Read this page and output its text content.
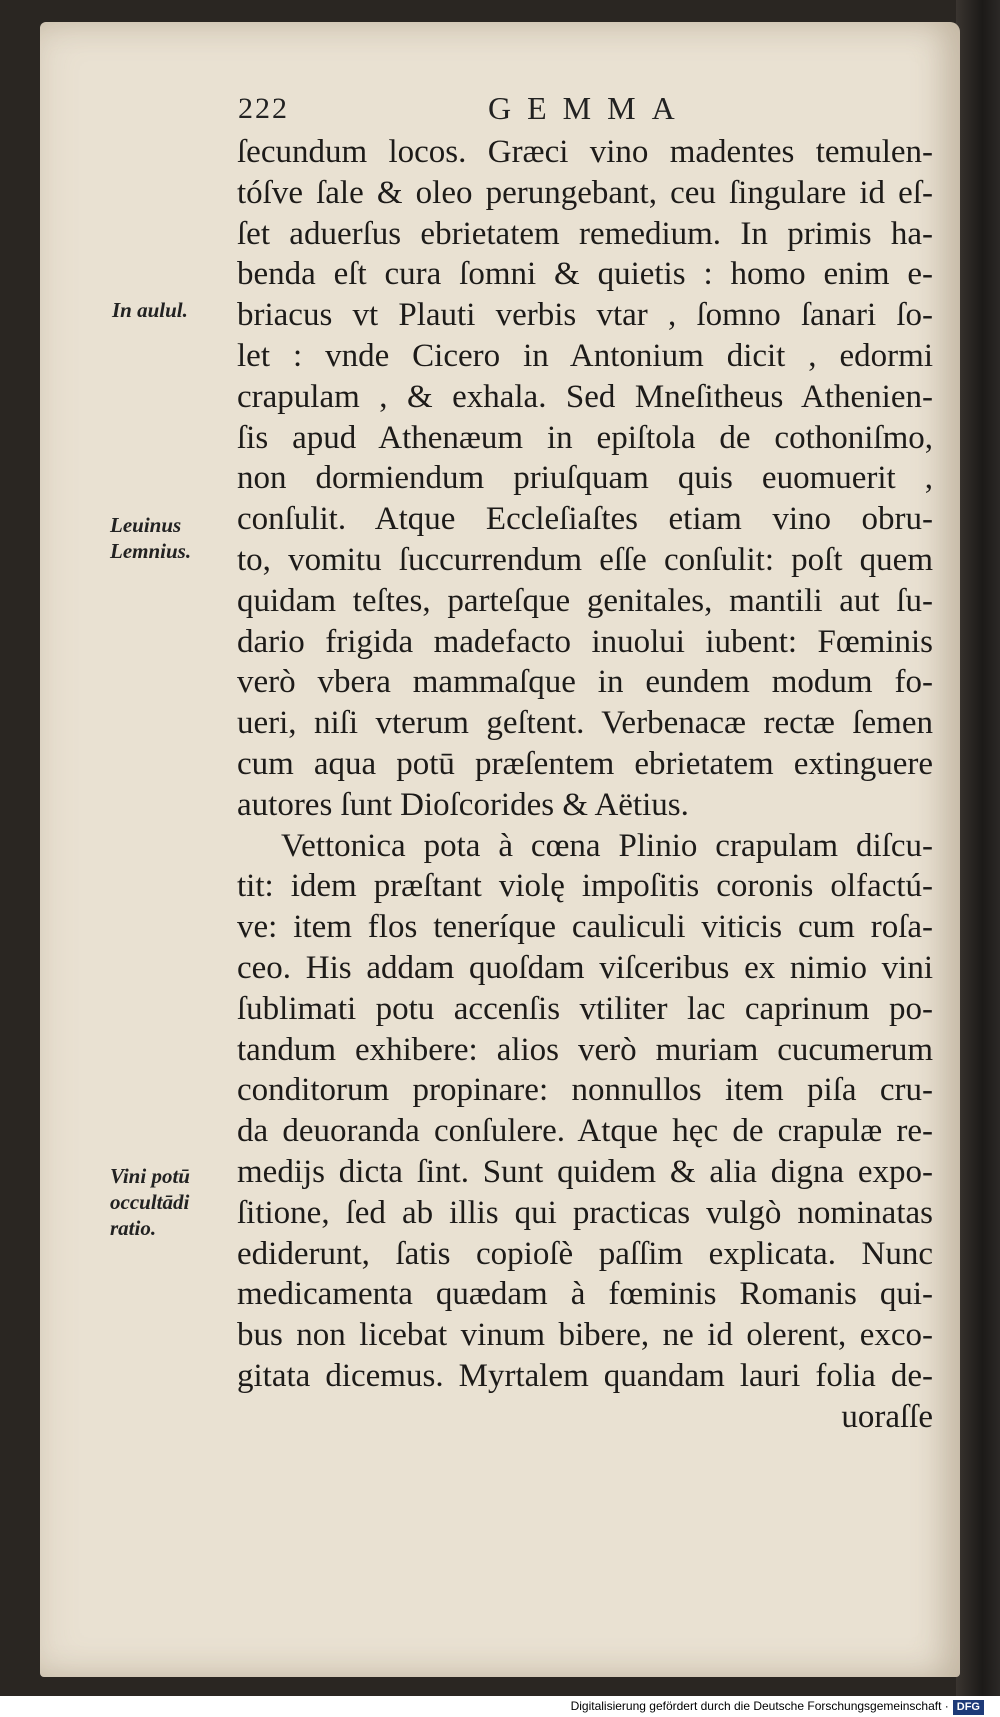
222	GEMMA
In aulul.
Leuinus Lemnius.
Vini potū occultādi ratio.
ſecundum locos. Græci vino madentes temulen-
tóſve ſale & oleo perungebant, ceu ſingulare id eſ-
ſet aduerſus ebrietatem remedium. In primis ha-
benda eſt cura ſomni & quietis : homo enim e-
briacus vt Plauti verbis vtar , ſomno ſanari ſo-
let : vnde Cicero in Antonium dicit , edormi
crapulam , & exhala. Sed Mneſitheus Athenien-
ſis apud Athenæum in epiſtola de cothoniſmo,
non dormiendum priuſquam quis euomuerit ,
conſulit. Atque Eccleſiaſtes etiam vino obru-
to, vomitu ſuccurrendum eſſe conſulit: poſt quem
quidam teſtes, parteſque genitales, mantili aut ſu-
dario frigida madefacto inuolui iubent: Fœminis
verò vbera mammaſque in eundem modum fo-
ueri, niſi vterum geſtent. Verbenacæ rectæ ſemen
cum aqua potū præſentem ebrietatem extinguere
autores ſunt Dioſcorides & Aëtius.
Vettonica pota à cœna Plinio crapulam diſcu-
tit: idem præſtant violę impoſitis coronis olfactú-
ve: item flos teneríque cauliculi viticis cum roſa-
ceo. His addam quoſdam viſceribus ex nimio vini
ſublimati potu accenſis vtiliter lac caprinum po-
tandum exhibere: alios verò muriam cucumerum
conditorum propinare: nonnullos item piſa cru-
da deuoranda conſulere. Atque hęc de crapulæ re-
medijs dicta ſint. Sunt quidem & alia digna expo-
ſitione, ſed ab illis qui practicas vulgò nominatas
ediderunt, ſatis copioſè paſſim explicata. Nunc
medicamenta quædam à fœminis Romanis qui-
bus non licebat vinum bibere, ne id olerent, exco-
gitata dicemus. Myrtalem quandam lauri folia de-
uoraſſe
Digitalisierung gefördert durch die Deutsche Forschungsgemeinschaft · DFG
